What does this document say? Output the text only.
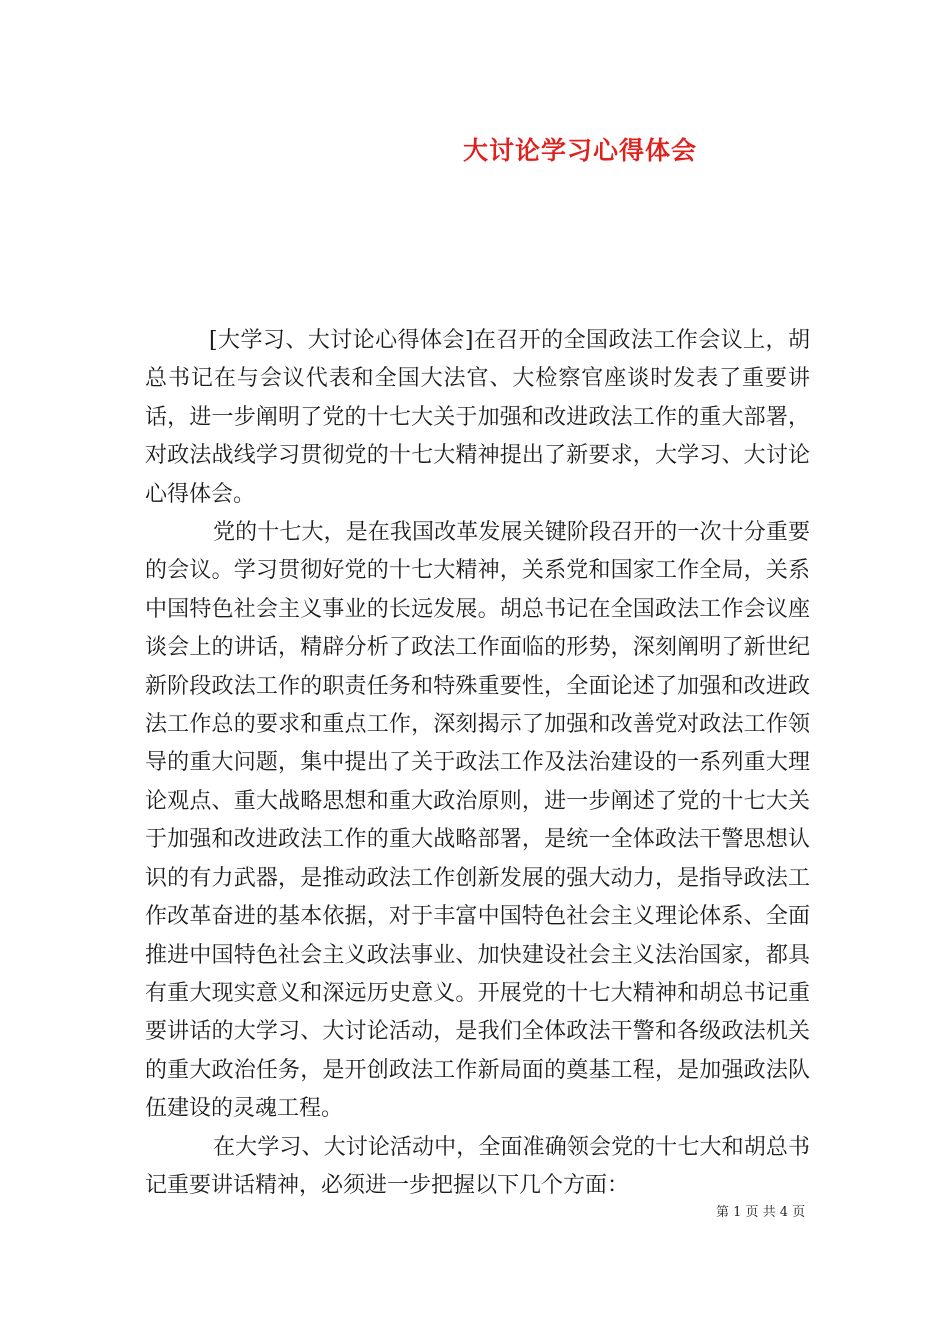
大讨论学习心得体会

[大学习、大讨论心得体会]在召开的全国政法工作会议上，胡总书记在与会议代表和全国大法官、大检察官座谈时发表了重要讲话，进一步阐明了党的十七大关于加强和改进政法工作的重大部署，对政法战线学习贯彻党的十七大精神提出了新要求，大学习、大讨论心得体会。

党的十七大，是在我国改革发展关键阶段召开的一次十分重要的会议。学习贯彻好党的十七大精神，关系党和国家工作全局，关系中国特色社会主义事业的长远发展。胡总书记在全国政法工作会议座谈会上的讲话，精辟分析了政法工作面临的形势，深刻阐明了新世纪新阶段政法工作的职责任务和特殊重要性，全面论述了加强和改进政法工作总的要求和重点工作，深刻揭示了加强和改善党对政法工作领导的重大问题，集中提出了关于政法工作及法治建设的一系列重大理论观点、重大战略思想和重大政治原则，进一步阐述了党的十七大关于加强和改进政法工作的重大战略部署，是统一全体政法干警思想认识的有力武器，是推动政法工作创新发展的强大动力，是指导政法工作改革奋进的基本依据，对于丰富中国特色社会主义理论体系、全面推进中国特色社会主义政法事业、加快建设社会主义法治国家，都具有重大现实意义和深远历史意义。开展党的十七大精神和胡总书记重要讲话的大学习、大讨论活动，是我们全体政法干警和各级政法机关的重大政治任务，是开创政法工作新局面的奠基工程，是加强政法队伍建设的灵魂工程。

在大学习、大讨论活动中，全面准确领会党的十七大和胡总书记重要讲话精神，必须进一步把握以下几个方面：

第 1 页 共 4 页
